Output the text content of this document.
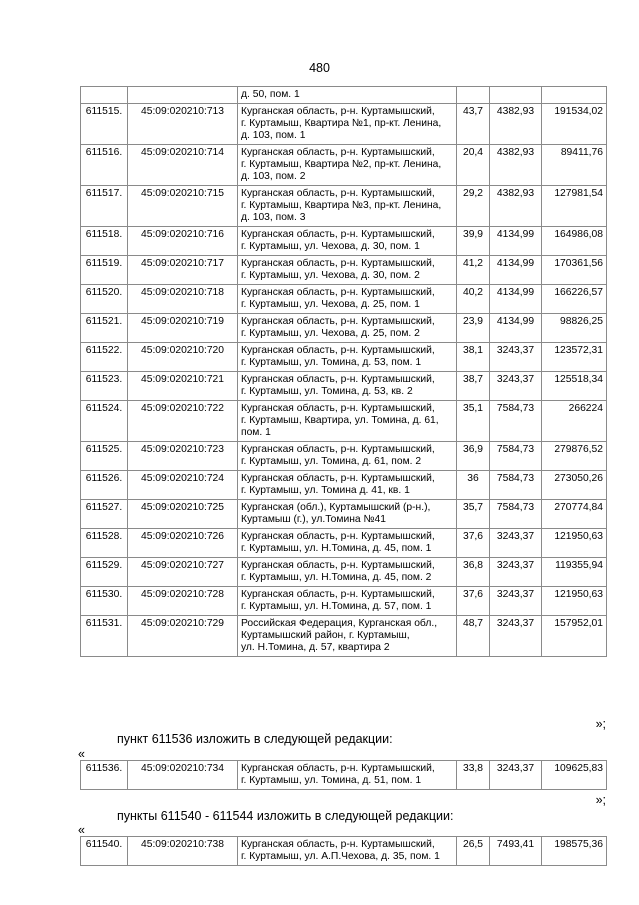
480
		д. 50, пом. 1			
611515.	45:09:020210:713	Курганская область, р-н. Куртамышский,
г. Куртамыш, Квартира №1, пр-кт. Ленина,
д. 103, пом. 1	43,7	4382,93	191534,02
611516.	45:09:020210:714	Курганская область, р-н. Куртамышский,
г. Куртамыш, Квартира №2, пр-кт. Ленина,
д. 103, пом. 2	20,4	4382,93	89411,76
611517.	45:09:020210:715	Курганская область, р-н. Куртамышский,
г. Куртамыш, Квартира №3, пр-кт. Ленина,
д. 103, пом. 3	29,2	4382,93	127981,54
611518.	45:09:020210:716	Курганская область, р-н. Куртамышский,
г. Куртамыш, ул. Чехова, д. 30, пом. 1	39,9	4134,99	164986,08
611519.	45:09:020210:717	Курганская область, р-н. Куртамышский,
г. Куртамыш, ул. Чехова, д. 30, пом. 2	41,2	4134,99	170361,56
611520.	45:09:020210:718	Курганская область, р-н. Куртамышский,
г. Куртамыш, ул. Чехова, д. 25, пом. 1	40,2	4134,99	166226,57
611521.	45:09:020210:719	Курганская область, р-н. Куртамышский,
г. Куртамыш, ул. Чехова, д. 25, пом. 2	23,9	4134,99	98826,25
611522.	45:09:020210:720	Курганская область, р-н. Куртамышский,
г. Куртамыш, ул. Томина, д. 53, пом. 1	38,1	3243,37	123572,31
611523.	45:09:020210:721	Курганская область, р-н. Куртамышский,
г. Куртамыш, ул. Томина, д. 53, кв. 2	38,7	3243,37	125518,34
611524.	45:09:020210:722	Курганская область, р-н. Куртамышский,
г. Куртамыш, Квартира, ул. Томина, д. 61,
пом. 1	35,1	7584,73	266224
611525.	45:09:020210:723	Курганская область, р-н. Куртамышский,
г. Куртамыш, ул. Томина, д. 61, пом. 2	36,9	7584,73	279876,52
611526.	45:09:020210:724	Курганская область, р-н. Куртамышский,
г. Куртамыш, ул. Томина д. 41, кв. 1	36	7584,73	273050,26
611527.	45:09:020210:725	Курганская (обл.), Куртамышский (р-н.),
Куртамыш (г.), ул.Томина №41	35,7	7584,73	270774,84
611528.	45:09:020210:726	Курганская область, р-н. Куртамышский,
г. Куртамыш, ул. Н.Томина, д. 45, пом. 1	37,6	3243,37	121950,63
611529.	45:09:020210:727	Курганская область, р-н. Куртамышский,
г. Куртамыш, ул. Н.Томина, д. 45, пом. 2	36,8	3243,37	119355,94
611530.	45:09:020210:728	Курганская область, р-н. Куртамышский,
г. Куртамыш, ул. Н.Томина, д. 57, пом. 1	37,6	3243,37	121950,63
611531.	45:09:020210:729	Российская Федерация, Курганская обл.,
Куртамышский район, г. Куртамыш,
ул. Н.Томина, д. 57, квартира 2	48,7	3243,37	157952,01
»;
пункт 611536 изложить в следующей редакции:
«
611536.	45:09:020210:734	Курганская область, р-н. Куртамышский,
г. Куртамыш, ул. Томина, д. 51, пом. 1	33,8	3243,37	109625,83
»;
пункты 611540 - 611544 изложить в следующей редакции:
«
611540.	45:09:020210:738	Курганская область, р-н. Куртамышский,
г. Куртамыш, ул. А.П.Чехова, д. 35, пом. 1	26,5	7493,41	198575,36
